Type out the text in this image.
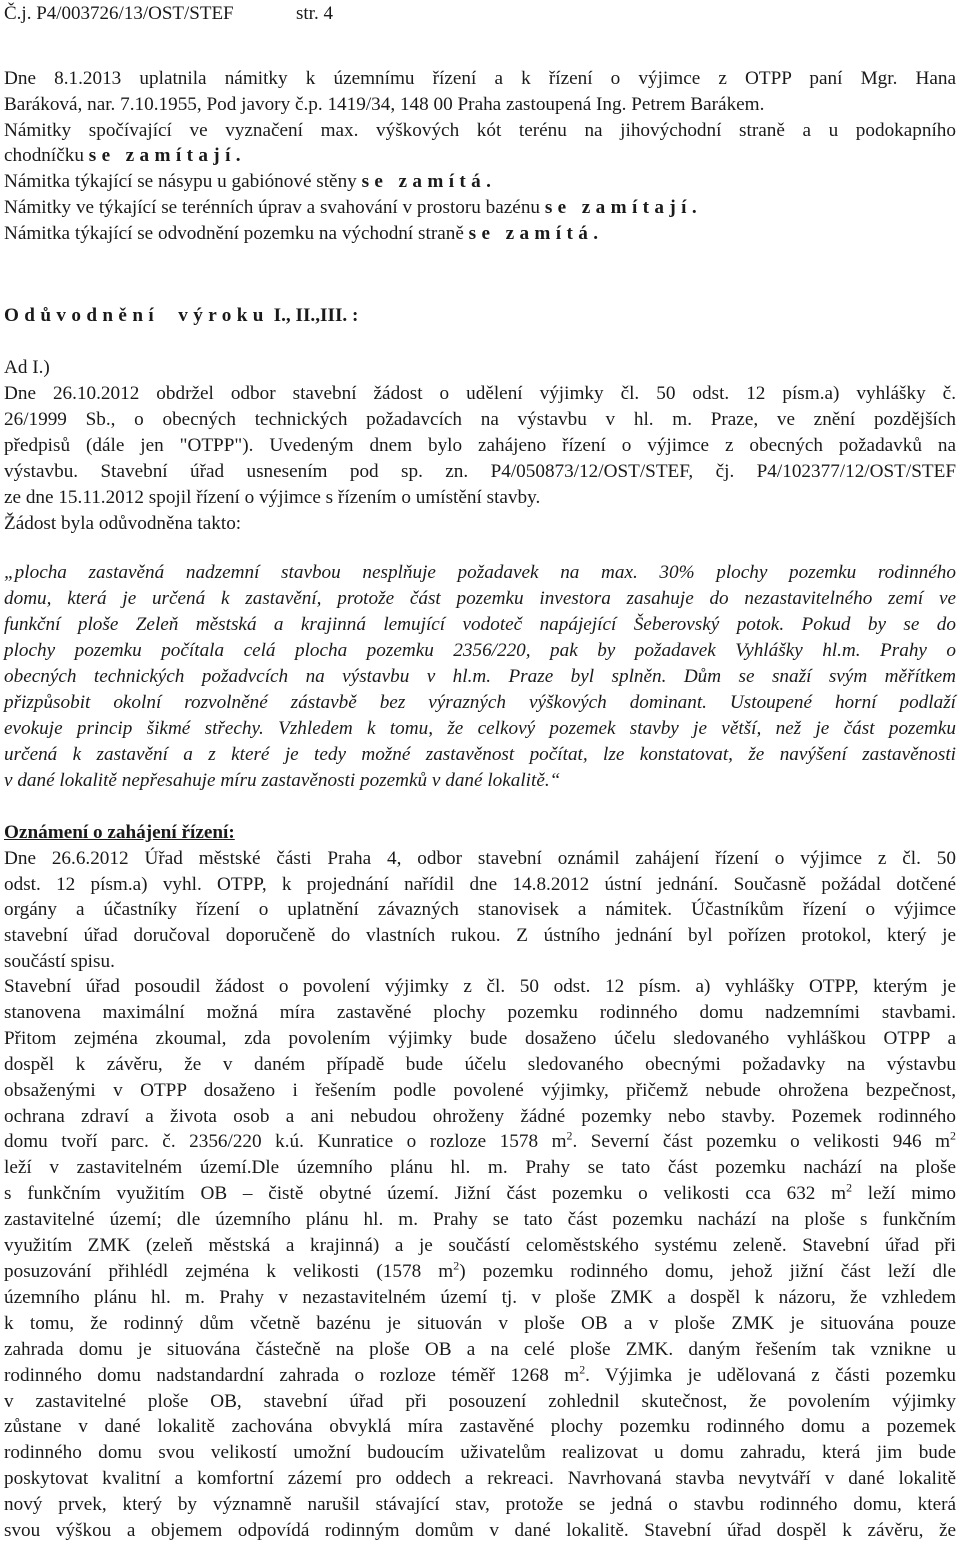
Č.j. P4/003726/13/OST/STEF	str. 4
Dne 8.1.2013 uplatnila námitky k územnímu řízení a k řízení o výjimce z OTPP paní Mgr. Hana
Baráková, nar. 7.10.1955, Pod javory č.p. 1419/34, 148 00 Praha zastoupená Ing. Petrem Barákem.
Námitky spočívající ve vyznačení max. výškových kót terénu na jihovýchodní straně a u podokapního
chodníčku se zamítají.
Námitka týkající se násypu u gabiónové stěny se zamítá.
Námitky ve týkající se terénních úprav a svahování v prostoru bazénu se zamítají.
Námitka týkající se odvodnění pozemku na východní straně se zamítá.
Odůvodnění výroku I., II.,III. :
Ad I.)
Dne 26.10.2012 obdržel odbor stavební žádost o udělení výjimky čl. 50 odst. 12 písm.a) vyhlášky č.
26/1999 Sb., o obecných technických požadavcích na výstavbu v hl. m. Praze, ve znění pozdějších
předpisů (dále jen "OTPP"). Uvedeným dnem bylo zahájeno řízení o výjimce z obecných požadavků na
výstavbu. Stavební úřad usnesením pod sp. zn. P4/050873/12/OST/STEF, čj. P4/102377/12/OST/STEF
ze dne 15.11.2012 spojil řízení o výjimce s řízením o umístění stavby.
Žádost byla odůvodněna takto:
„plocha zastavěná nadzemní stavbou nesplňuje požadavek na max. 30% plochy pozemku rodinného
domu, která je určená k zastavění, protože část pozemku investora zasahuje do nezastavitelného zemí ve
funkční ploše Zeleň městská a krajinná lemující vodoteč napájející Šeberovský potok. Pokud by se do
plochy pozemku počítala celá plocha pozemku 2356/220, pak by požadavek Vyhlášky hl.m. Prahy o
obecných technických požadvcích na výstavbu v hl.m. Praze byl splněn. Dům se snaží svým měřítkem
přizpůsobit okolní rozvolněné zástavbě bez výrazných výškových dominant. Ustoupené horní podlaží
evokuje princip šikmé střechy. Vzhledem k tomu, že celkový pozemek stavby je větší, než je část pozemku
určená k zastavění a z které je tedy možné zastavěnost počítat, lze konstatovat, že navýšení zastavěnosti
v dané lokalitě nepřesahuje míru zastavěnosti pozemků v dané lokalitě.“
Oznámení o zahájení řízení:
Dne 26.6.2012 Úřad městské části Praha 4, odbor stavební oznámil zahájení řízení o výjimce z čl. 50
odst. 12 písm.a) vyhl. OTPP, k projednání nařídil dne 14.8.2012 ústní jednání. Současně požádal dotčené
orgány a účastníky řízení o uplatnění závazných stanovisek a námitek. Účastníkům řízení o výjimce
stavební úřad doručoval doporučeně do vlastních rukou. Z ústního jednání byl pořízen protokol, který je
součástí spisu.
Stavební úřad posoudil žádost o povolení výjimky z čl. 50 odst. 12 písm. a) vyhlášky OTPP, kterým je
stanovena maximální možná míra zastavěné plochy pozemku rodinného domu nadzemními stavbami.
Přitom zejména zkoumal, zda povolením výjimky bude dosaženo účelu sledovaného vyhláškou OTPP a
dospěl k závěru, že v daném případě bude účelu sledovaného obecnými požadavky na výstavbu
obsaženými v OTPP dosaženo i řešením podle povolené výjimky, přičemž nebude ohrožena bezpečnost,
ochrana zdraví a života osob a ani nebudou ohroženy žádné pozemky nebo stavby. Pozemek rodinného
domu tvoří parc. č. 2356/220 k.ú. Kunratice o rozloze 1578 $m^2$. Severní část pozemku o velikosti 946 $m^2$
leží v zastavitelném území.Dle územního plánu hl. m. Prahy se tato část pozemku nachází na ploše
s funkčním využitím OB – čistě obytné území. Jižní část pozemku o velikosti cca 632 $m^2$ leží mimo
zastavitelné území; dle územního plánu hl. m. Prahy se tato část pozemku nachází na ploše s funkčním
využitím ZMK (zeleň městská a krajinná) a je součástí celoměstského systému zeleně. Stavební úřad při
posuzování přihlédl zejména k velikosti (1578 $m^2$) pozemku rodinného domu, jehož jižní část leží dle
územního plánu hl. m. Prahy v nezastavitelném území tj. v ploše ZMK a dospěl k názoru, že vzhledem
k tomu, že rodinný dům včetně bazénu je situován v ploše OB a v ploše ZMK je situována pouze
zahrada domu je situována částečně na ploše OB a na celé ploše ZMK. daným řešením tak vznikne u
rodinného domu nadstandardní zahrada o rozloze téměř 1268 $m^2$. Výjimka je udělovaná z části pozemku
v zastavitelné ploše OB, stavební úřad při posouzení zohlednil skutečnost, že povolením výjimky
zůstane v dané lokalitě zachována obvyklá míra zastavěné plochy pozemku rodinného domu a pozemek
rodinného domu svou velikostí umožní budoucím uživatelům realizovat u domu zahradu, která jim bude
poskytovat kvalitní a komfortní zázemí pro oddech a rekreaci. Navrhovaná stavba nevytváří v dané lokalitě
nový prvek, který by významně narušil stávající stav, protože se jedná o stavbu rodinného domu, která
svou výškou a objemem odpovídá rodinným domům v dané lokalitě. Stavební úřad dospěl k závěru, že
